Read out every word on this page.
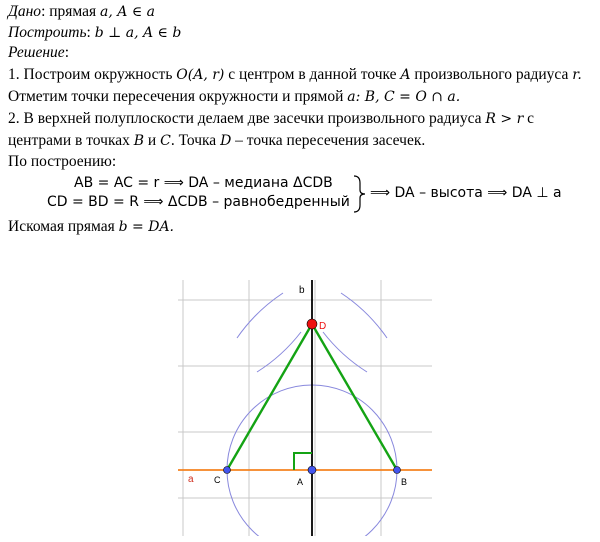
Дано: прямая a, A ∈ a
Построить: b ⊥ a, A ∈ b
Решение:
1. Построим окружность O(A, r) с центром в данной точке A произвольного радиуса r.
Отметим точки пересечения окружности и прямой a: B, C = O ∩ a.
2. В верхней полуплоскости делаем две засечки произвольного радиуса R > r с
центрами в точках B и C. Точка D – точка пересечения засечек.
По построению:
AB = AC = r ⟹ DA – медиана ΔCDB
CD = BD = R ⟹ ΔCDB – равнобедренный
⟹ DA – высота ⟹ DA ⊥ a
Искомая прямая b = DA.
b
D
a C	A	B
